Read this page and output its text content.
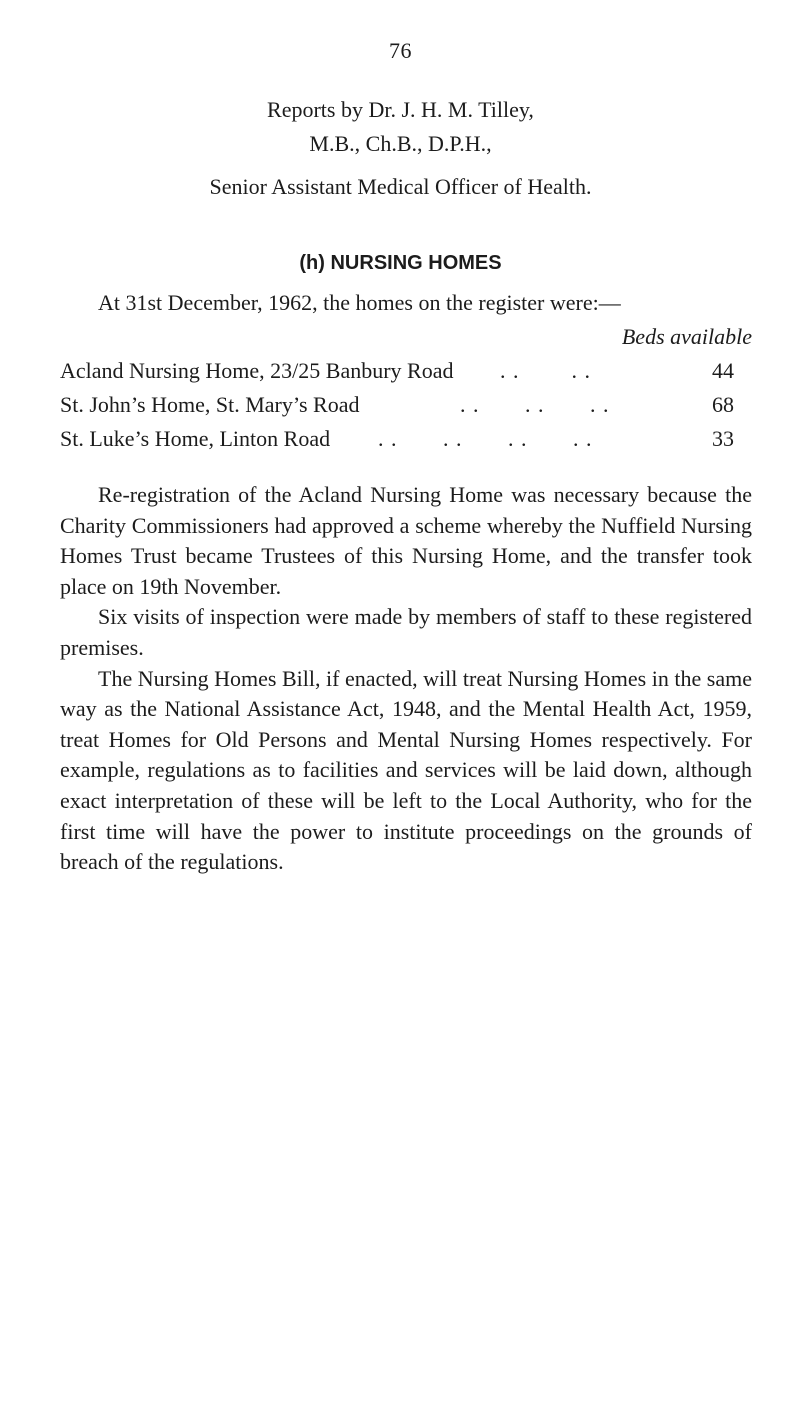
76
Reports by Dr. J. H. M. Tilley,
M.B., Ch.B., D.P.H.,
Senior Assistant Medical Officer of Health.
(h) NURSING HOMES
At 31st December, 1962, the homes on the register were:—
Beds available
Acland Nursing Home, 23/25 Banbury Road . .        . .	44
St. John’s Home, St. Mary’s Road	. .       . .       . .	68
St. Luke’s Home, Linton Road . .       . .       . .       . .	33

Re-registration of the Acland Nursing Home was necessary because the Charity Commissioners had approved a scheme whereby the Nuffield Nursing Homes Trust became Trustees of this Nursing Home, and the transfer took place on 19th November.

Six visits of inspection were made by members of staff to these registered premises.

The Nursing Homes Bill, if enacted, will treat Nursing Homes in the same way as the National Assistance Act, 1948, and the Mental Health Act, 1959, treat Homes for Old Persons and Mental Nursing Homes respectively. For example, regulations as to facilities and services will be laid down, although exact interpretation of these will be left to the Local Authority, who for the first time will have the power to institute proceedings on the grounds of breach of the regulations.
